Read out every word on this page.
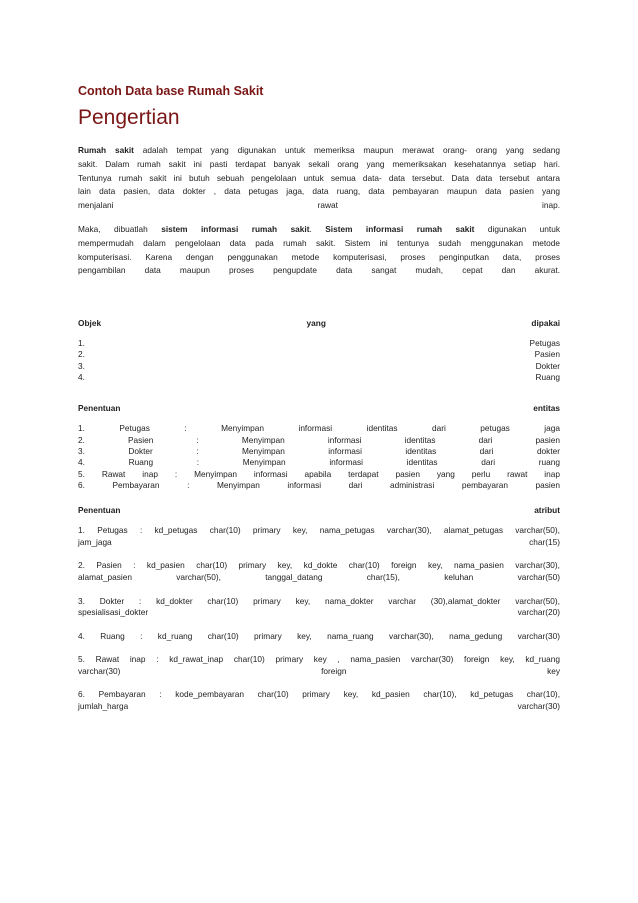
Contoh Data base Rumah Sakit
Pengertian

Rumah sakit adalah tempat yang digunakan untuk memeriksa maupun merawat orang- orang yang sedang

sakit. Dalam rumah sakit ini pasti terdapat banyak sekali orang yang memeriksakan kesehatannya setiap hari.

Tentunya rumah sakit ini butuh sebuah pengelolaan untuk semua data- data tersebut. Data data tersebut antara

lain data pasien, data dokter , data petugas jaga, data ruang, data pembayaran maupun data pasien yang

menjalani rawat inap.

Maka, dibuatlah sistem informasi rumah sakit. Sistem informasi rumah sakit digunakan untuk

mempermudah dalam pengelolaan data pada rumah sakit. Sistem ini tentunya sudah menggunakan metode

komputerisasi. Karena dengan penggunakan metode komputerisasi, proses penginputkan data, proses

pengambilan data maupun proses pengupdate data sangat mudah, cepat dan akurat.

Objek	yang	dipakai

1.	Petugas
2.	Pasien
3.	Dokter
4.	Ruang

Penentuan	entitas

1. Petugas : Menyimpan informasi identitas dari petugas jaga
2. Pasien : Menyimpan informasi identitas dari pasien
3. Dokter : Menyimpan informasi identitas dari dokter
4. Ruang : Menyimpan informasi identitas dari ruang
5. Rawat inap : Menyimpan informasi apabila terdapat pasien yang perlu rawat inap
6. Pembayaran : Menyimpan informasi dari administrasi pembayaran pasien

Penentuan	atribut

1. Petugas : kd_petugas char(10) primary key, nama_petugas varchar(30), alamat_petugas varchar(50),
jam_jaga char(15)
2. Pasien : kd_pasien char(10) primary key, kd_dokte char(10) foreign key, nama_pasien varchar(30),
alamat_pasien varchar(50), tanggal_datang char(15), keluhan varchar(50)
3. Dokter : kd_dokter char(10) primary key, nama_dokter varchar (30),alamat_dokter varchar(50),
spesialisasi_dokter varchar(20)
4. Ruang : kd_ruang char(10) primary key, nama_ruang varchar(30), nama_gedung varchar(30)
5. Rawat inap : kd_rawat_inap char(10) primary key , nama_pasien varchar(30) foreign key, kd_ruang
varchar(30) foreign key
6. Pembayaran : kode_pembayaran char(10) primary key, kd_pasien char(10), kd_petugas char(10),
jumlah_harga varchar(30)
